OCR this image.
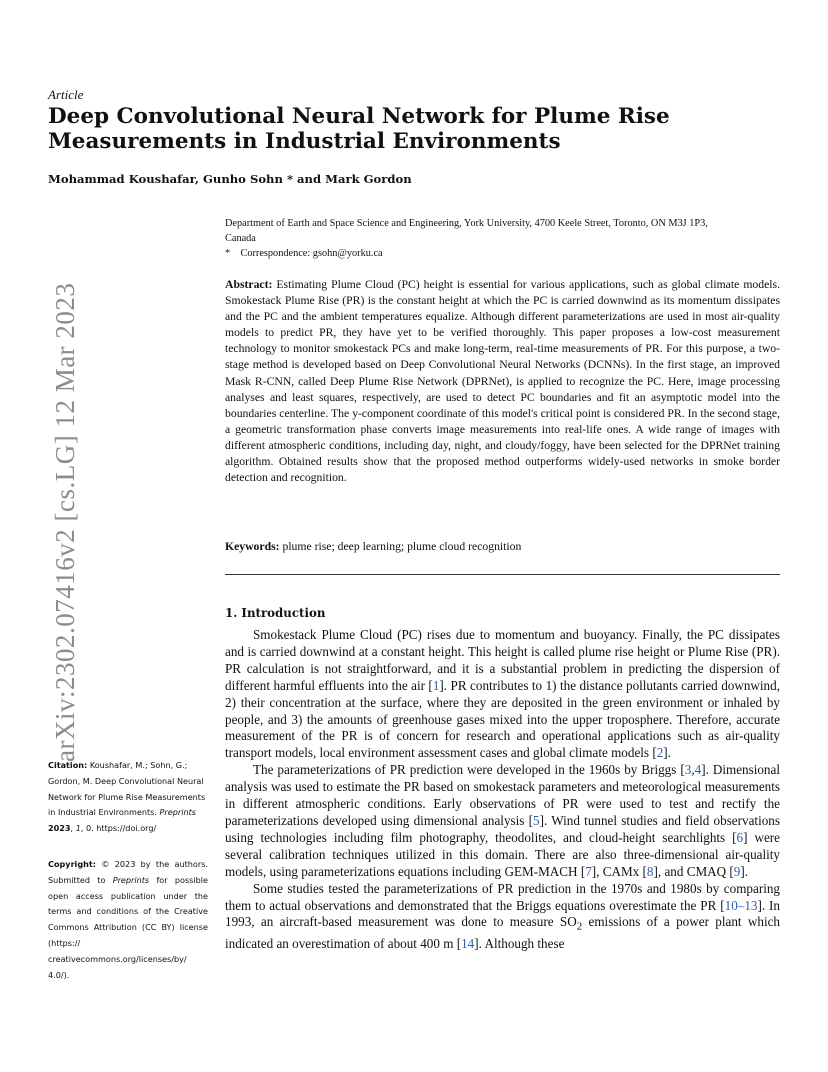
arXiv:2302.07416v2 [cs.LG] 12 Mar 2023
Article
Deep Convolutional Neural Network for Plume Rise
Measurements in Industrial Environments
Mohammad Koushafar, Gunho Sohn * and Mark Gordon
Department of Earth and Space Science and Engineering, York University, 4700 Keele Street, Toronto, ON M3J 1P3,
Canada
* Correspondence: gsohn@yorku.ca
Abstract: Estimating Plume Cloud (PC) height is essential for various applications, such as global climate models. Smokestack Plume Rise (PR) is the constant height at which the PC is carried downwind as its momentum dissipates and the PC and the ambient temperatures equalize. Although different parameterizations are used in most air-quality models to predict PR, they have yet to be verified thoroughly. This paper proposes a low-cost measurement technology to monitor smokestack PCs and make long-term, real-time measurements of PR. For this purpose, a two-stage method is developed based on Deep Convolutional Neural Networks (DCNNs). In the first stage, an improved Mask R-CNN, called Deep Plume Rise Network (DPRNet), is applied to recognize the PC. Here, image processing analyses and least squares, respectively, are used to detect PC boundaries and fit an asymptotic model into the boundaries centerline. The y-component coordinate of this model's critical point is considered PR. In the second stage, a geometric transformation phase converts image measurements into real-life ones. A wide range of images with different atmospheric conditions, including day, night, and cloudy/foggy, have been selected for the DPRNet training algorithm. Obtained results show that the proposed method outperforms widely-used networks in smoke border detection and recognition.
Keywords: plume rise; deep learning; plume cloud recognition
1. Introduction

Smokestack Plume Cloud (PC) rises due to momentum and buoyancy. Finally, the PC dissipates and is carried downwind at a constant height. This height is called plume rise height or Plume Rise (PR). PR calculation is not straightforward, and it is a substantial problem in predicting the dispersion of different harmful effluents into the air [1]. PR contributes to 1) the distance pollutants carried downwind, 2) their concentration at the surface, where they are deposited in the green environment or inhaled by people, and 3) the amounts of greenhouse gases mixed into the upper troposphere. Therefore, accurate measurement of the PR is of concern for research and operational applications such as air-quality transport models, local environment assessment cases and global climate models [2].

The parameterizations of PR prediction were developed in the 1960s by Briggs [3,4]. Dimensional analysis was used to estimate the PR based on smokestack parameters and meteorological measurements in different atmospheric conditions. Early observations of PR were used to test and rectify the parameterizations developed using dimensional analysis [5]. Wind tunnel studies and field observations using technologies including film photography, theodolites, and cloud-height searchlights [6] were several calibration techniques utilized in this domain. There are also three-dimensional air-quality models, using parameterizations equations including GEM-MACH [7], CAMx [8], and CMAQ [9].

Some studies tested the parameterizations of PR prediction in the 1970s and 1980s by comparing them to actual observations and demonstrated that the Briggs equations overestimate the PR [10–13]. In 1993, an aircraft-based measurement was done to measure $SO_2$ emissions of a power plant which indicated an overestimation of about 400 m [14]. Although these

Citation: Koushafar, M.; Sohn, G.; Gordon, M. Deep Convolutional Neural Network for Plume Rise Measurements in Industrial Environments. Preprints 2023, 1, 0. https://doi.org/

Copyright: © 2023 by the authors. Submitted to Preprints for possible open access publication under the terms and conditions of the Creative Commons Attribution (CC BY) license (https:// creativecommons.org/licenses/by/ 4.0/).
